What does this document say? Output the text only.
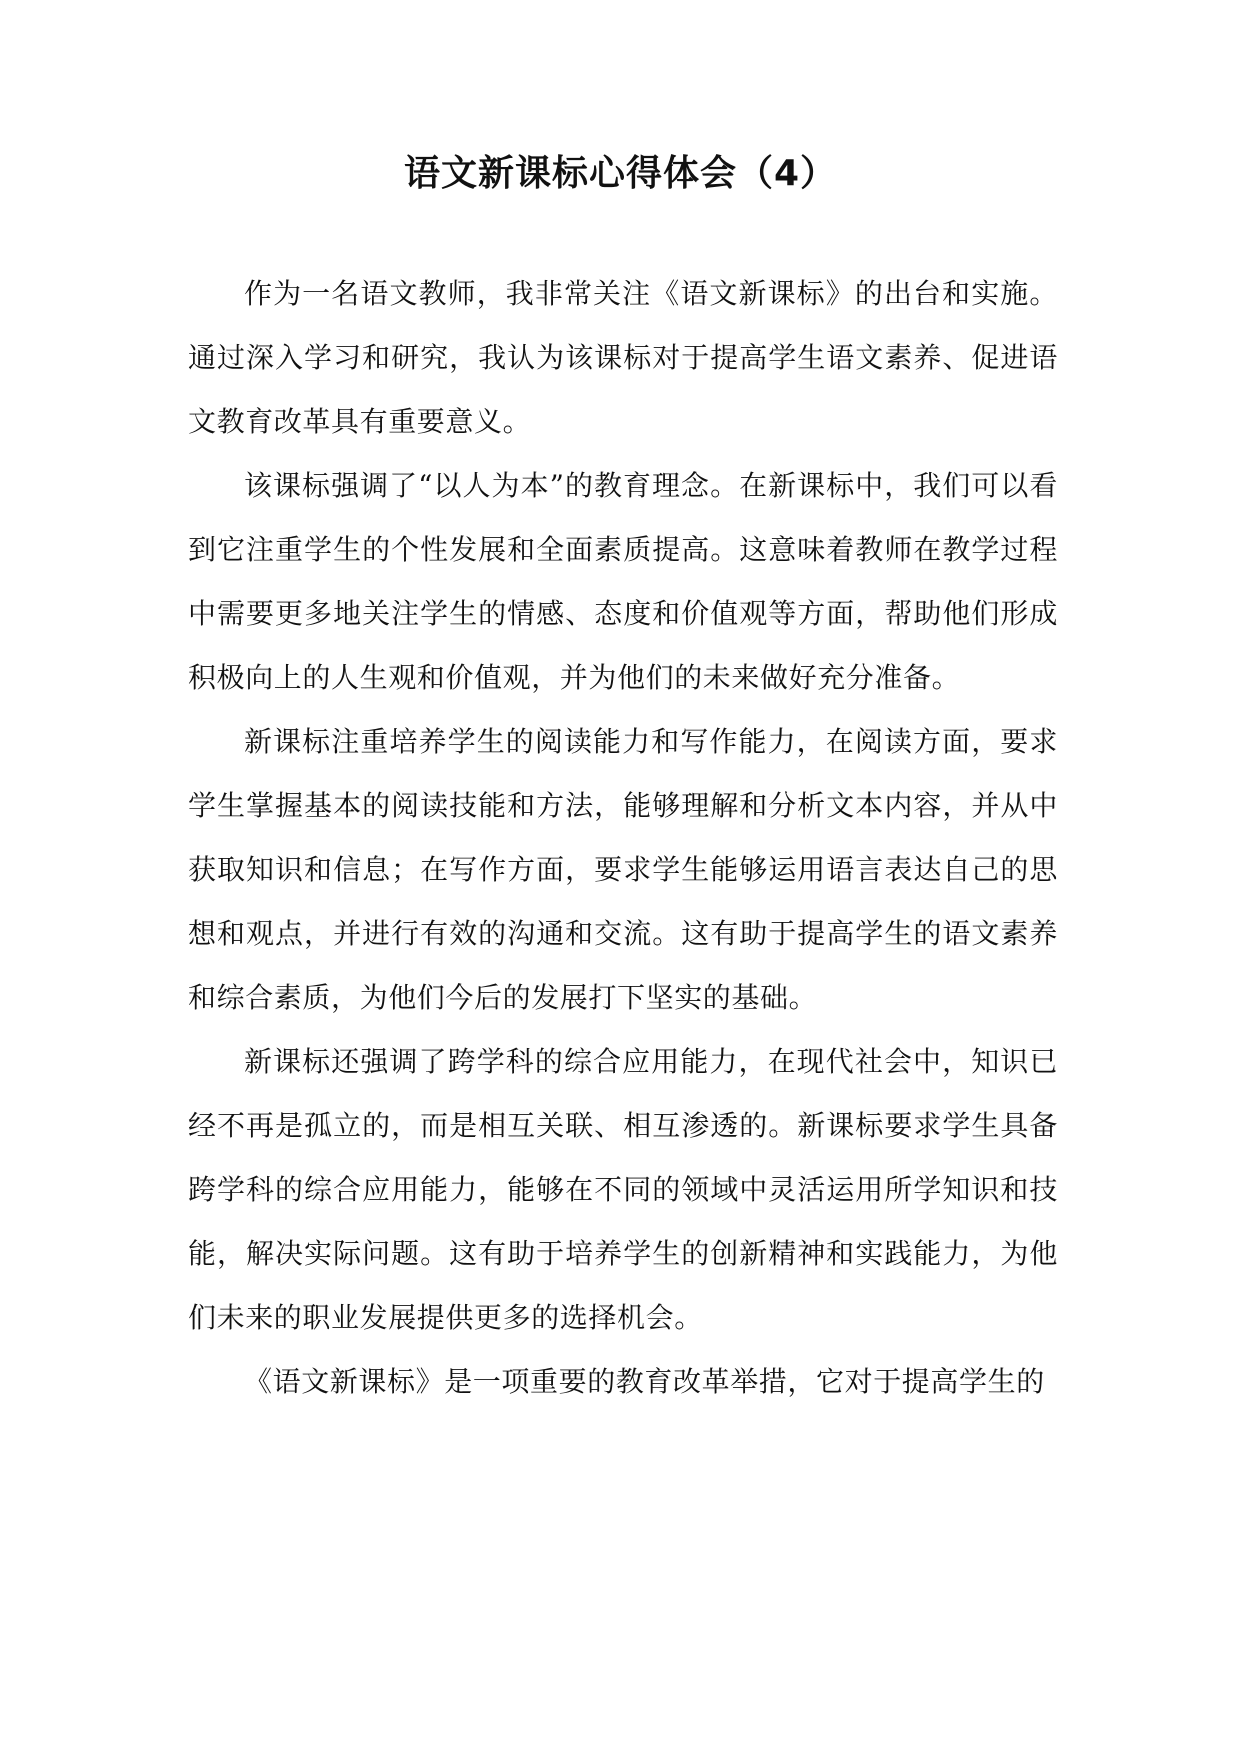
语文新课标心得体会（4）

作为一名语文教师，我非常关注《语文新课标》的出台和实施。通过深入学习和研究，我认为该课标对于提高学生语文素养、促进语文教育改革具有重要意义。

该课标强调了“以人为本”的教育理念。在新课标中，我们可以看到它注重学生的个性发展和全面素质提高。这意味着教师在教学过程中需要更多地关注学生的情感、态度和价值观等方面，帮助他们形成积极向上的人生观和价值观，并为他们的未来做好充分准备。

新课标注重培养学生的阅读能力和写作能力，在阅读方面，要求学生掌握基本的阅读技能和方法，能够理解和分析文本内容，并从中获取知识和信息；在写作方面，要求学生能够运用语言表达自己的思想和观点，并进行有效的沟通和交流。这有助于提高学生的语文素养和综合素质，为他们今后的发展打下坚实的基础。

新课标还强调了跨学科的综合应用能力，在现代社会中，知识已经不再是孤立的，而是相互关联、相互渗透的。新课标要求学生具备跨学科的综合应用能力，能够在不同的领域中灵活运用所学知识和技能，解决实际问题。这有助于培养学生的创新精神和实践能力，为他们未来的职业发展提供更多的选择机会。

《语文新课标》是一项重要的教育改革举措，它对于提高学生的
